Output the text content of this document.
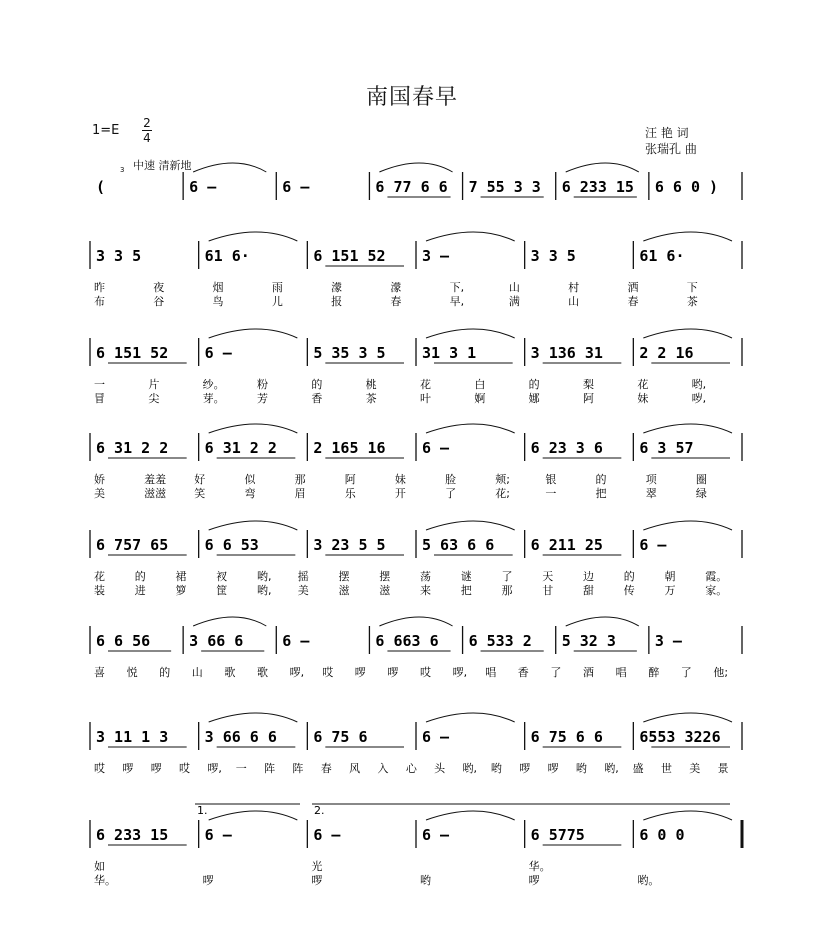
南国春早
$1=E \frac{2}{4}$	汪 艳 词
张瑞孔 曲
中速 清新地
3
(	6 –	6 –	6 77 6 6 7 55 3 3 6 233 15 6 6 0 )
3 3 5	61 6·	6 151 52 3 –	3 3 5	61 6·
昨	夜	烟	雨	濛	濛	下,	山	村	洒	下
布	谷	鸟	儿	报	春	早,	满	山	春	茶
6 151 52 6 –	5 35 3 5 31 3 1	3 136 31 2 2 16
一	片	纱。	粉	的	桃	花	白	的	梨	花	哟,
冒	尖	芽。	芳	香	茶	叶	婀	娜	阿	妹	哕,
6 31 2 2 6 31 2 2 2 165 16 6 –	6 23 3 6 6 3 57
娇	羞羞	好	似	那	阿	妹	脸	颊;	银	的	项	圈
美	滋滋	笑	弯	眉	乐	开	了	花;	一	把	翠	绿
6 757 65 6 6 53	3 23 5 5 5 63 6 6 6 211 25 6 –
花	的	裙	衩	哟, 摇	摆	摆	荡	谜	了	天	边	的	朝	霞。
装	进	箩	筐	哟, 美	滋	滋	来	把	那	甘	甜	传	万	家。
6 6 56	3 66 6	6 –	6 663 6 6 533 2 5 32 3	3 –
喜 悦 的 山 歌 歌 啰, 哎 啰 啰 哎 啰, 唱 香 了 酒 唱 醉 了 他;
3 11 1 3 3 66 6 6 6 75 6	6 –	6 75 6 6 6553 3226
哎 啰 啰 哎 啰, 一 阵 阵 春 风 入 心 头 哟, 哟 啰 啰 哟 哟, 盛 世 美 景
6 233 15 6 –	6 –	6 –	6 5775	6 0 0
如	光	华。
华。	啰	啰	哟	啰	哟。
1.	2.
